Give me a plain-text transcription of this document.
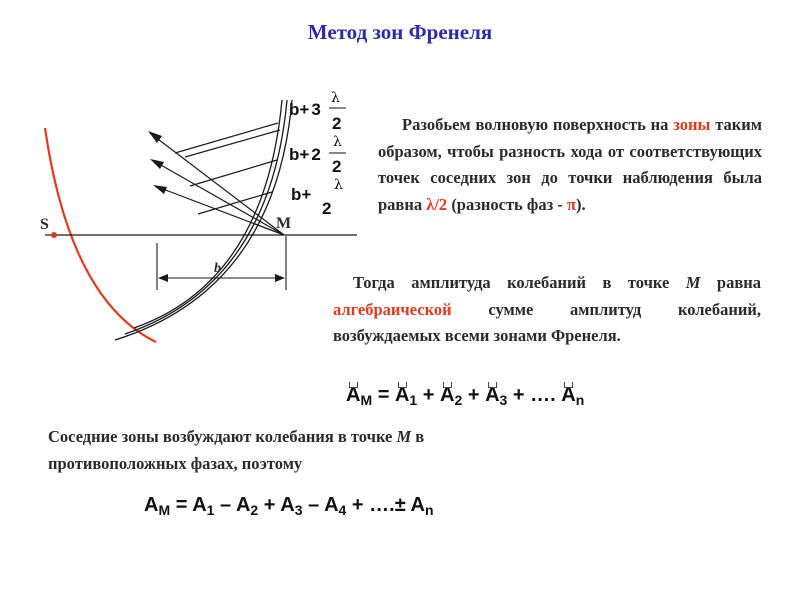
Метод зон Френеля
S	M
b
b+ 3
λ
2
b+ 2
λ
2
b+ λ
2
Разобьем волновую поверхность на зоны таким образом, чтобы разность хода от соответствующих точек соседних зон до точки наблюдения была равна λ/2 (разность фаз - π).
Тогда амплитуда колебаний в точке M равна алгебраической сумме амплитуд колебаний, возбуждаемых всеми зонами Френеля.
$A_M = A_1 + A_2 + A_3$ + …. $A_n$
Соседние зоны возбуждают колебания в точке M в противоположных фазах, поэтому
$A_M = A_1 - A_2 + A_3 - A_4$ + ….± $A_n$
